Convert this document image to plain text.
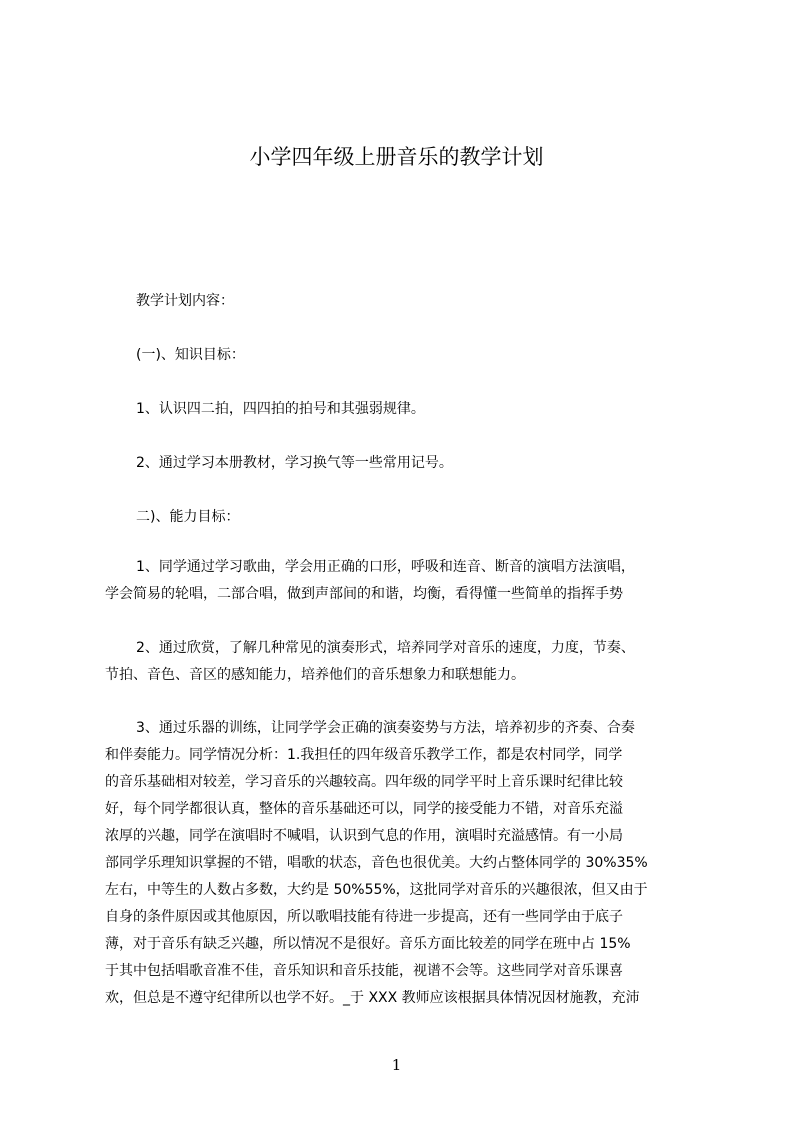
小学四年级上册音乐的教学计划
教学计划内容：
(一)、知识目标：
1、认识四二拍，四四拍的拍号和其强弱规律。
2、通过学习本册教材，学习换气等一些常用记号。
二)、能力目标：
1、同学通过学习歌曲，学会用正确的口形，呼吸和连音、断音的演唱方法演唱，
学会简易的轮唱，二部合唱，做到声部间的和谐，均衡，看得懂一些简单的指挥手势
2、通过欣赏，了解几种常见的演奏形式，培养同学对音乐的速度，力度，节奏、
节拍、音色、音区的感知能力，培养他们的音乐想象力和联想能力。
3、通过乐器的训练，让同学学会正确的演奏姿势与方法，培养初步的齐奏、合奏
和伴奏能力。同学情况分析：1.我担任的四年级音乐教学工作，都是农村同学，同学
的音乐基础相对较差，学习音乐的兴趣较高。四年级的同学平时上音乐课时纪律比较
好，每个同学都很认真，整体的音乐基础还可以，同学的接受能力不错，对音乐充溢
浓厚的兴趣，同学在演唱时不喊唱，认识到气息的作用，演唱时充溢感情。有一小局
部同学乐理知识掌握的不错，唱歌的状态，音色也很优美。大约占整体同学的 30%35%
左右，中等生的人数占多数，大约是 50%55%，这批同学对音乐的兴趣很浓，但又由于
自身的条件原因或其他原因，所以歌唱技能有待进一步提高，还有一些同学由于底子
薄，对于音乐有缺乏兴趣，所以情况不是很好。音乐方面比较差的同学在班中占 15%
于其中包括唱歌音准不佳，音乐知识和音乐技能，视谱不会等。这些同学对音乐课喜
欢，但总是不遵守纪律所以也学不好。_于 XXX 教师应该根据具体情况因材施教，充沛
1
